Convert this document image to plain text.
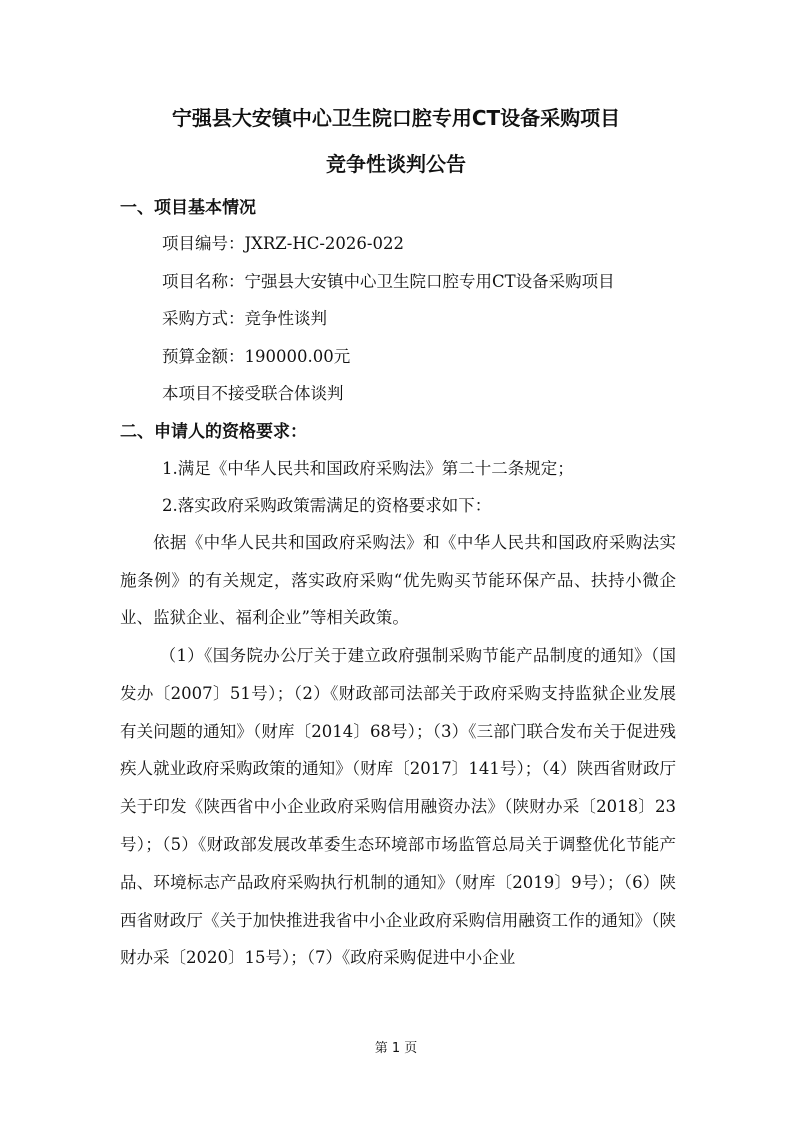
宁强县大安镇中心卫生院口腔专用CT设备采购项目
竞争性谈判公告
一、项目基本情况
项目编号：JXRZ-HC-2026-022
项目名称：宁强县大安镇中心卫生院口腔专用CT设备采购项目
采购方式：竞争性谈判
预算金额：190000.00元
本项目不接受联合体谈判
二、申请人的资格要求：
1.满足《中华人民共和国政府采购法》第二十二条规定；
2.落实政府采购政策需满足的资格要求如下：

依据《中华人民共和国政府采购法》和《中华人民共和国政府采购法实施条例》的有关规定，落实政府采购“优先购买节能环保产品、扶持小微企业、监狱企业、福利企业”等相关政策。

（1）《国务院办公厅关于建立政府强制采购节能产品制度的通知》（国发办〔2007〕51号）；（2）《财政部司法部关于政府采购支持监狱企业发展有关问题的通知》（财库〔2014〕68号）；（3）《三部门联合发布关于促进残疾人就业政府采购政策的通知》（财库〔2017〕141号）；（4）陕西省财政厅关于印发《陕西省中小企业政府采购信用融资办法》（陕财办采〔2018〕23号）；（5）《财政部发展改革委生态环境部市场监管总局关于调整优化节能产品、环境标志产品政府采购执行机制的通知》（财库〔2019〕9号）；（6）陕西省财政厅《关于加快推进我省中小企业政府采购信用融资工作的通知》（陕财办采〔2020〕15号）；（7）《政府采购促进中小企业

第 1 页
